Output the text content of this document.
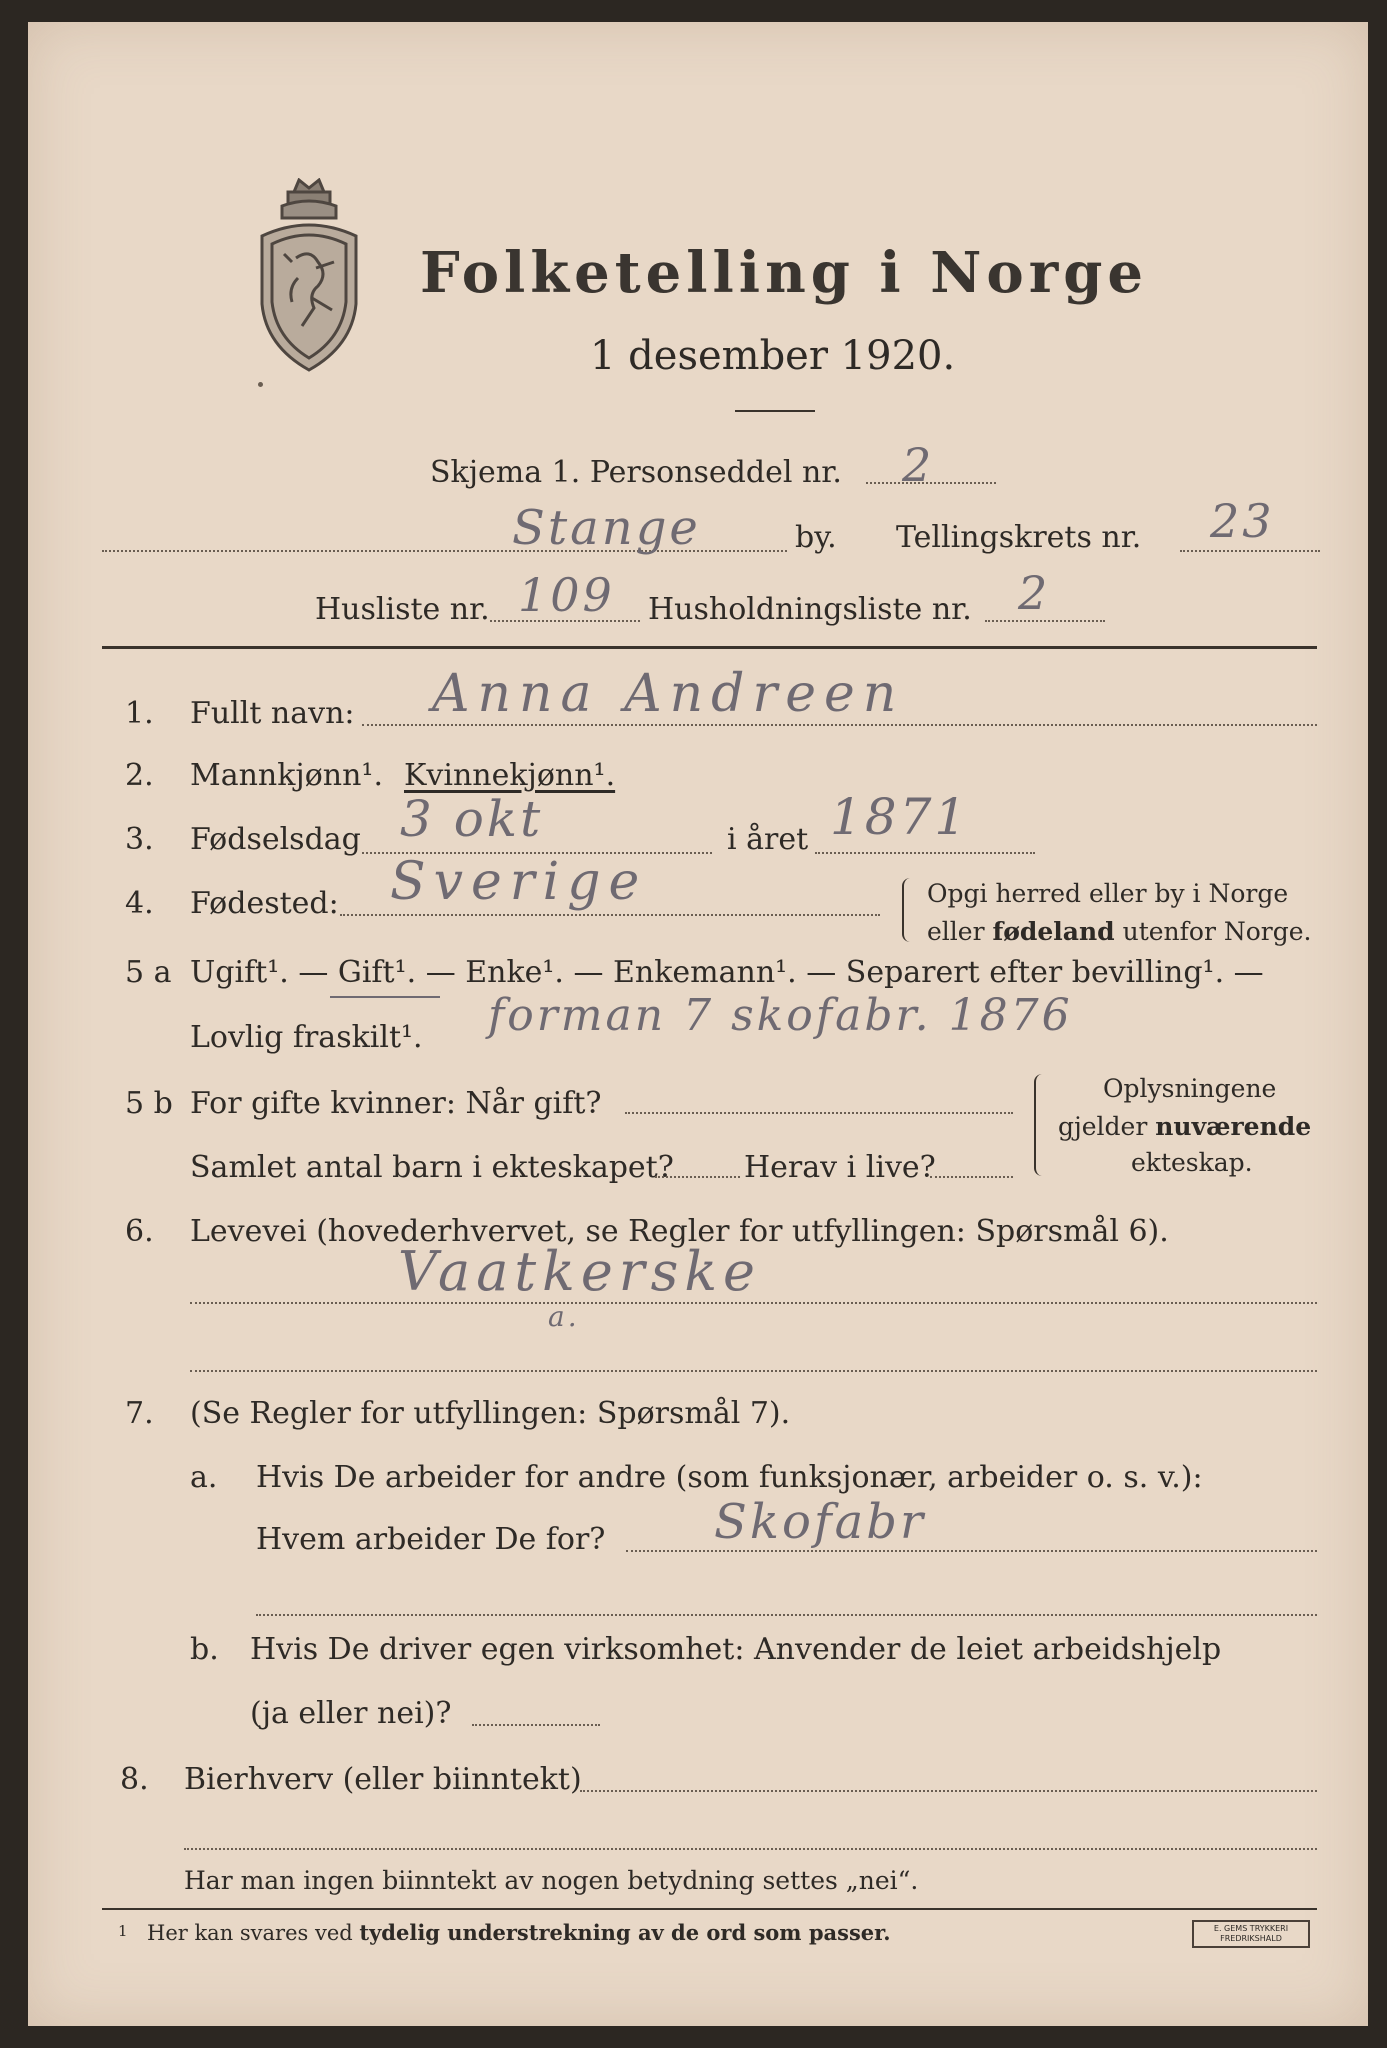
Folketelling i Norge
1 desember 1920.
Skjema 1. Personseddel nr. 2
Stange	by. Tellingskrets nr. 23
Husliste nr. 109 Husholdningsliste nr. 2
1. Fullt navn: Anna Andreen
2. Mannkjønn¹. Kvinnekjønn¹.
3. Fødselsdag 3 okt	i året 1871
4. Fødested: Sverige	Opgi herred eller by i Norge
eller fødeland utenfor Norge.
5 a Ugift¹. — Gift¹. — Enke¹. — Enkemann¹. — Separert efter bevilling¹. —
Lovlig fraskilt¹. forman 7 skofabr. 1876
5 b For gifte kvinner: Når gift?
Samlet antal barn i ekteskapet? Herav i live?
Oplysningene
gjelder nuværende
ekteskap.
6. Levevei (hovederhvervet, se Regler for utfyllingen: Spørsmål 6).
Vaatkerske
a.
7. (Se Regler for utfyllingen: Spørsmål 7).
a. Hvis De arbeider for andre (som funksjonær, arbeider o. s. v.):
Hvem arbeider De for? Skofabr
b. Hvis De driver egen virksomhet: Anvender de leiet arbeidshjelp
(ja eller nei)?
8. Bierhverv (eller biinntekt)
Har man ingen biinntekt av nogen betydning settes „nei“.
1 Her kan svares ved tydelig understrekning av de ord som passer.	E. GEMS TRYKKERI
FREDRIKSHALD
